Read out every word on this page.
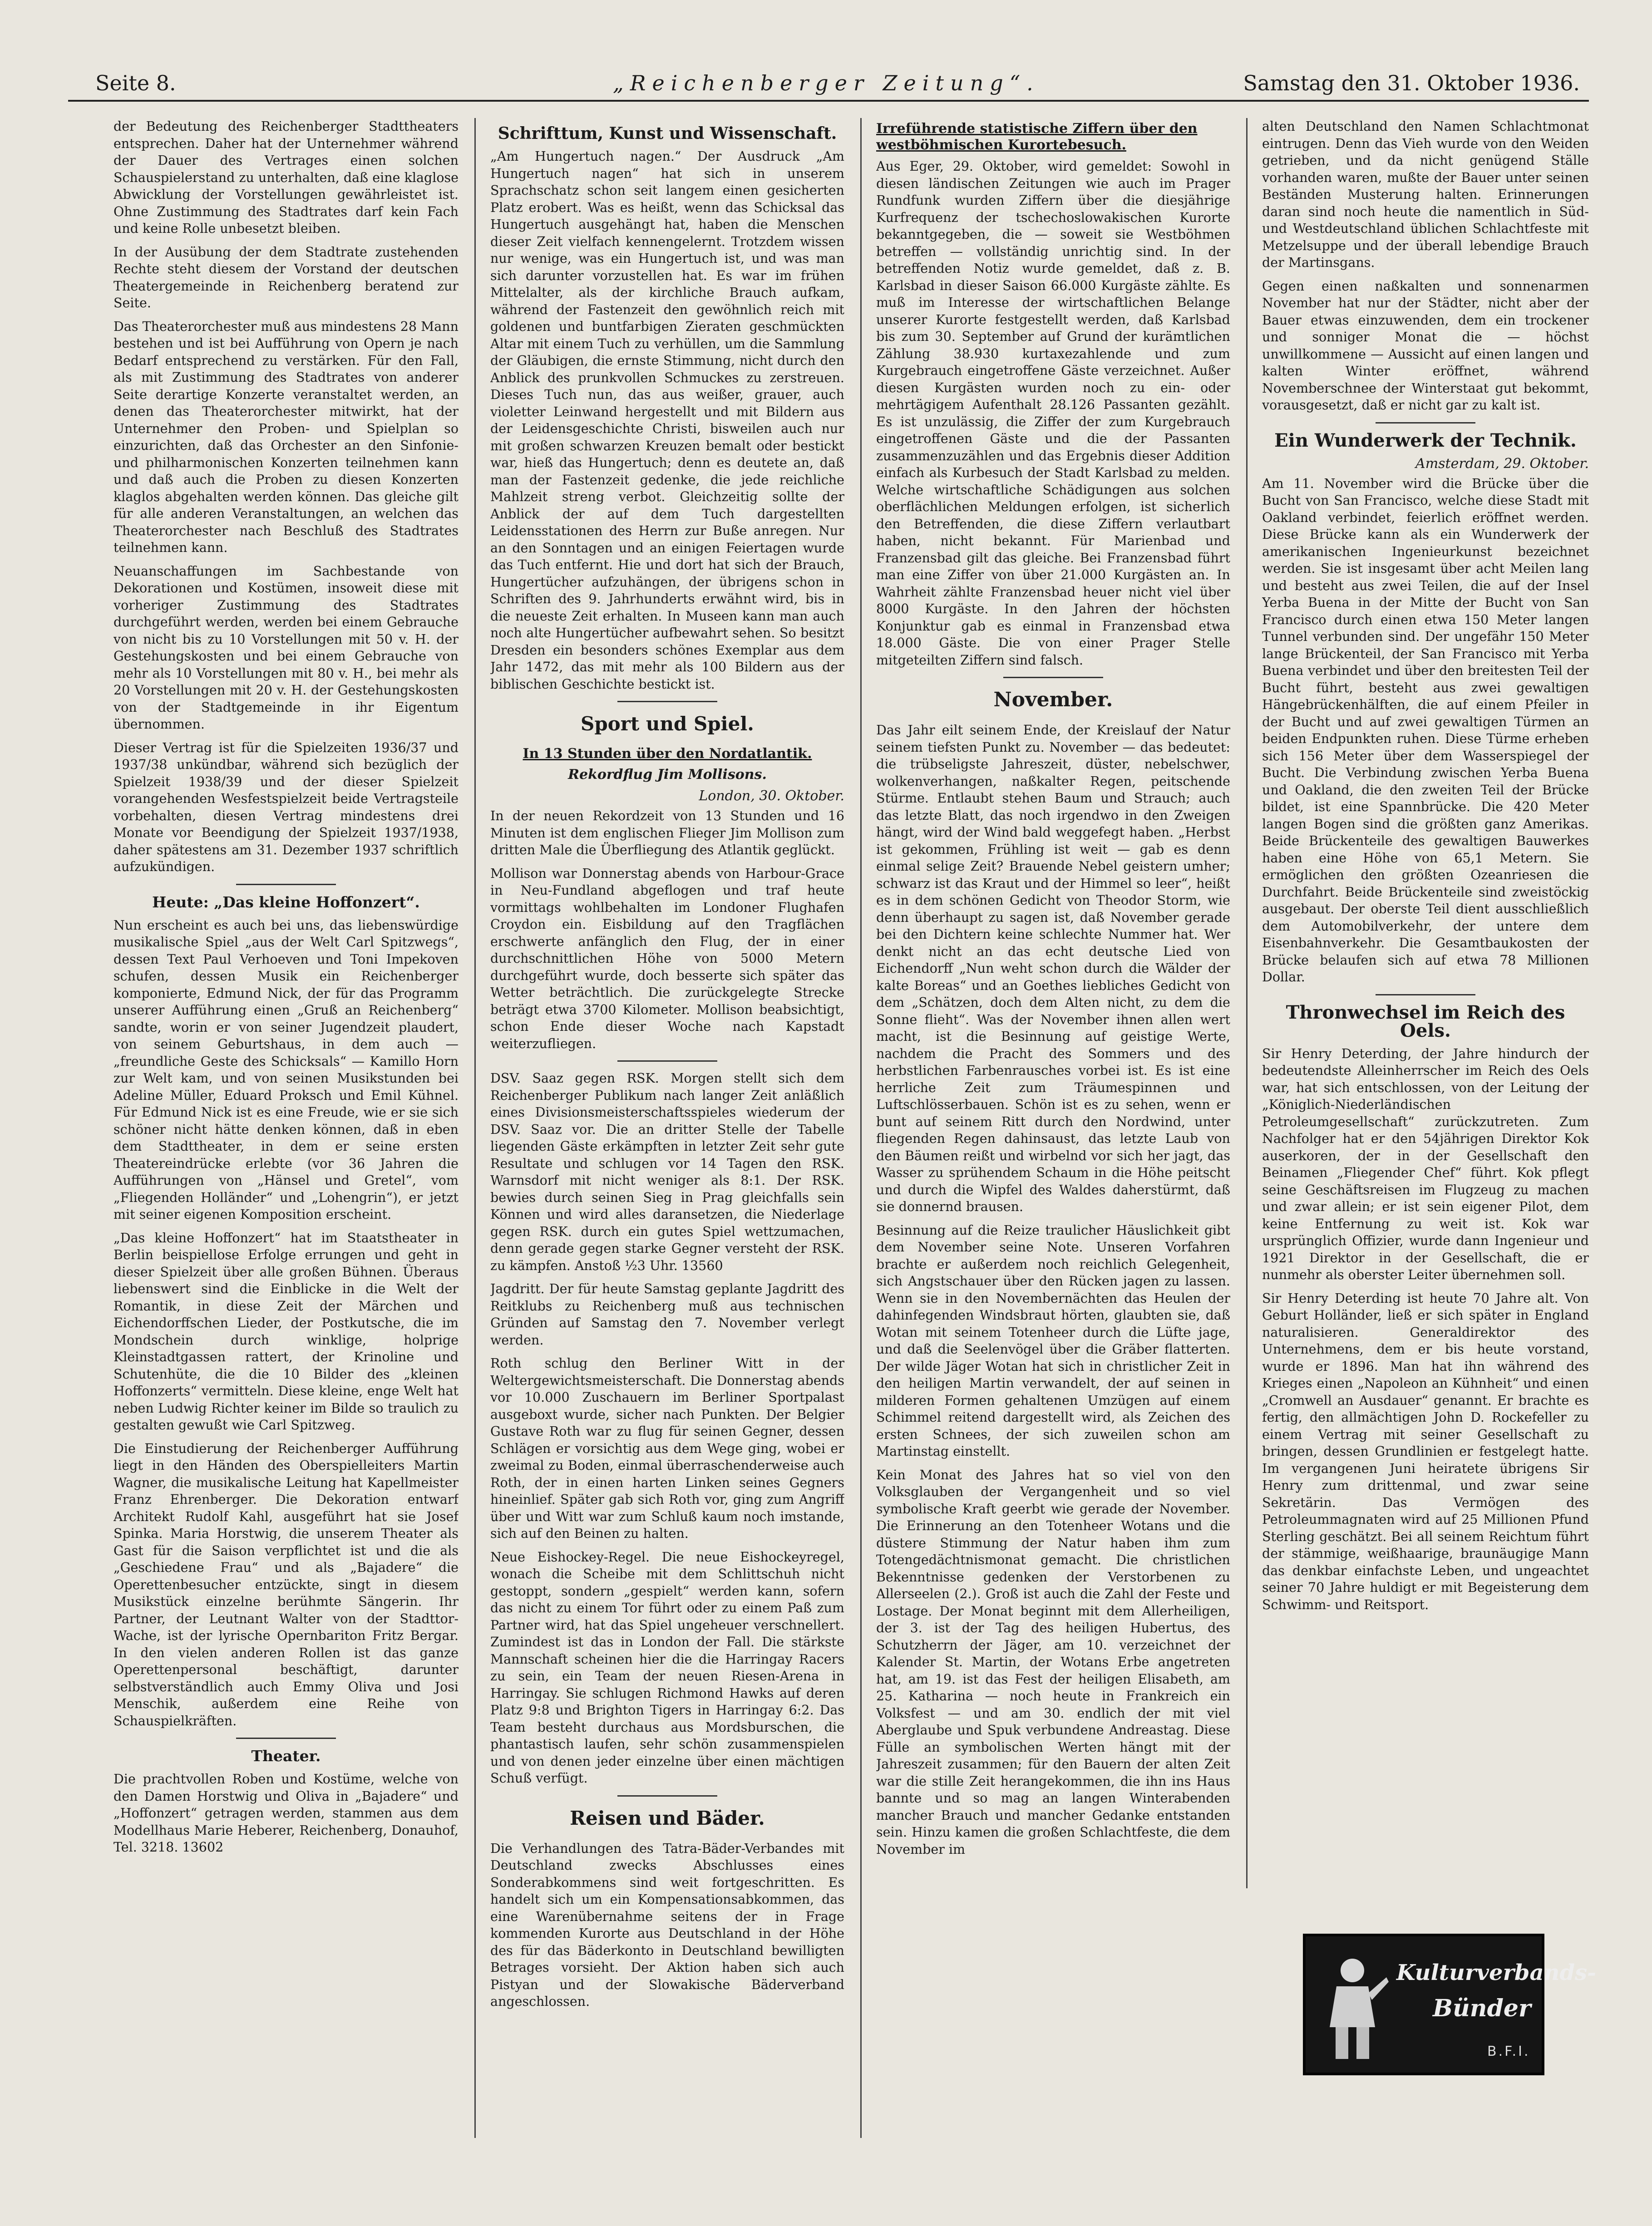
Seite 8.	„Reichenberger Zeitung“.	Samstag den 31. Oktober 1936.

der Bedeutung des Reichenberger Stadttheaters entsprechen. Daher hat der Unternehmer während der Dauer des Vertrages einen solchen Schauspielerstand zu unterhalten, daß eine klaglose Abwicklung der Vorstellungen gewährleistet ist. Ohne Zustimmung des Stadtrates darf kein Fach und keine Rolle unbesetzt bleiben.

In der Ausübung der dem Stadtrate zustehenden Rechte steht diesem der Vorstand der deutschen Theatergemeinde in Reichenberg beratend zur Seite.

Das Theaterorchester muß aus mindestens 28 Mann bestehen und ist bei Aufführung von Opern je nach Bedarf entsprechend zu verstärken. Für den Fall, als mit Zustimmung des Stadtrates von anderer Seite derartige Konzerte veranstaltet werden, an denen das Theaterorchester mitwirkt, hat der Unternehmer den Proben- und Spielplan so einzurichten, daß das Orchester an den Sinfonie- und philharmonischen Konzerten teilnehmen kann und daß auch die Proben zu diesen Konzerten klaglos abgehalten werden können. Das gleiche gilt für alle anderen Veranstaltungen, an welchen das Theaterorchester nach Beschluß des Stadtrates teilnehmen kann.

Neuanschaffungen im Sachbestande von Dekorationen und Kostümen, insoweit diese mit vorheriger Zustimmung des Stadtrates durchgeführt werden, werden bei einem Gebrauche von nicht bis zu 10 Vorstellungen mit 50 v. H. der Gestehungskosten und bei einem Gebrauche von mehr als 10 Vorstellungen mit 80 v. H., bei mehr als 20 Vorstellungen mit 20 v. H. der Gestehungskosten von der Stadtgemeinde in ihr Eigentum übernommen.

Dieser Vertrag ist für die Spielzeiten 1936/37 und 1937/38 unkündbar, während sich bezüglich der Spielzeit 1938/39 und der dieser Spielzeit vorangehenden Wesfestspielzeit beide Vertragsteile vorbehalten, diesen Vertrag mindestens drei Monate vor Beendigung der Spielzeit 1937/1938, daher spätestens am 31. Dezember 1937 schriftlich aufzukündigen.

Heute: „Das kleine Hoffonzert“.

Nun erscheint es auch bei uns, das liebenswürdige musikalische Spiel „aus der Welt Carl Spitzwegs“, dessen Text Paul Verhoeven und Toni Impekoven schufen, dessen Musik ein Reichenberger komponierte, Edmund Nick, der für das Programm unserer Aufführung einen „Gruß an Reichenberg“ sandte, worin er von seiner Jugendzeit plaudert, von seinem Geburtshaus, in dem auch — „freundliche Geste des Schicksals“ — Kamillo Horn zur Welt kam, und von seinen Musikstunden bei Adeline Müller, Eduard Proksch und Emil Kühnel. Für Edmund Nick ist es eine Freude, wie er sie sich schöner nicht hätte denken können, daß in eben dem Stadttheater, in dem er seine ersten Theatereindrücke erlebte (vor 36 Jahren die Aufführungen von „Hänsel und Gretel“, vom „Fliegenden Holländer“ und „Lohengrin“), er jetzt mit seiner eigenen Komposition erscheint.

„Das kleine Hoffonzert“ hat im Staatstheater in Berlin beispiellose Erfolge errungen und geht in dieser Spielzeit über alle großen Bühnen. Überaus liebenswert sind die Einblicke in die Welt der Romantik, in diese Zeit der Märchen und Eichendorffschen Lieder, der Postkutsche, die im Mondschein durch winklige, holprige Kleinstadtgassen rattert, der Krinoline und Schutenhüte, die die 10 Bilder des „kleinen Hoffonzerts“ vermitteln. Diese kleine, enge Welt hat neben Ludwig Richter keiner im Bilde so traulich zu gestalten gewußt wie Carl Spitzweg.

Die Einstudierung der Reichenberger Aufführung liegt in den Händen des Oberspielleiters Martin Wagner, die musikalische Leitung hat Kapellmeister Franz Ehrenberger. Die Dekoration entwarf Architekt Rudolf Kahl, ausgeführt hat sie Josef Spinka. Maria Horstwig, die unserem Theater als Gast für die Saison verpflichtet ist und die als „Geschiedene Frau“ und als „Bajadere“ die Operettenbesucher entzückte, singt in diesem Musikstück einzelne berühmte Sängerin. Ihr Partner, der Leutnant Walter von der Stadttor-Wache, ist der lyrische Opernbariton Fritz Bergar. In den vielen anderen Rollen ist das ganze Operettenpersonal beschäftigt, darunter selbstverständlich auch Emmy Oliva und Josi Menschik, außerdem eine Reihe von Schauspielkräften.

Theater.

Die prachtvollen Roben und Kostüme, welche von den Damen Horstwig und Oliva in „Bajadere“ und „Hoffonzert“ getragen werden, stammen aus dem Modellhaus Marie Heberer, Reichenberg, Donauhof, Tel. 3218. 13602

Schrifttum, Kunst und Wissenschaft.

„Am Hungertuch nagen.“ Der Ausdruck „Am Hungertuch nagen“ hat sich in unserem Sprachschatz schon seit langem einen gesicherten Platz erobert. Was es heißt, wenn das Schicksal das Hungertuch ausgehängt hat, haben die Menschen dieser Zeit vielfach kennengelernt. Trotzdem wissen nur wenige, was ein Hungertuch ist, und was man sich darunter vorzustellen hat. Es war im frühen Mittelalter, als der kirchliche Brauch aufkam, während der Fastenzeit den gewöhnlich reich mit goldenen und buntfarbigen Zieraten geschmückten Altar mit einem Tuch zu verhüllen, um die Sammlung der Gläubigen, die ernste Stimmung, nicht durch den Anblick des prunkvollen Schmuckes zu zerstreuen. Dieses Tuch nun, das aus weißer, grauer, auch violetter Leinwand hergestellt und mit Bildern aus der Leidensgeschichte Christi, bisweilen auch nur mit großen schwarzen Kreuzen bemalt oder bestickt war, hieß das Hungertuch; denn es deutete an, daß man der Fastenzeit gedenke, die jede reichliche Mahlzeit streng verbot. Gleichzeitig sollte der Anblick der auf dem Tuch dargestellten Leidensstationen des Herrn zur Buße anregen. Nur an den Sonntagen und an einigen Feiertagen wurde das Tuch entfernt. Hie und dort hat sich der Brauch, Hungertücher aufzuhängen, der übrigens schon in Schriften des 9. Jahrhunderts erwähnt wird, bis in die neueste Zeit erhalten. In Museen kann man auch noch alte Hungertücher aufbewahrt sehen. So besitzt Dresden ein besonders schönes Exemplar aus dem Jahr 1472, das mit mehr als 100 Bildern aus der biblischen Geschichte bestickt ist.

Sport und Spiel.
In 13 Stunden über den Nordatlantik.
Rekordflug Jim Mollisons.
London, 30. Oktober.

In der neuen Rekordzeit von 13 Stunden und 16 Minuten ist dem englischen Flieger Jim Mollison zum dritten Male die Überfliegung des Atlantik geglückt.

Mollison war Donnerstag abends von Harbour-Grace in Neu-Fundland abgeflogen und traf heute vormittags wohlbehalten im Londoner Flughafen Croydon ein. Eisbildung auf den Tragflächen erschwerte anfänglich den Flug, der in einer durchschnittlichen Höhe von 5000 Metern durchgeführt wurde, doch besserte sich später das Wetter beträchtlich. Die zurückgelegte Strecke beträgt etwa 3700 Kilometer. Mollison beabsichtigt, schon Ende dieser Woche nach Kapstadt weiterzufliegen.

DSV. Saaz gegen RSK. Morgen stellt sich dem Reichenberger Publikum nach langer Zeit anläßlich eines Divisionsmeisterschaftsspieles wiederum der DSV. Saaz vor. Die an dritter Stelle der Tabelle liegenden Gäste erkämpften in letzter Zeit sehr gute Resultate und schlugen vor 14 Tagen den RSK. Warnsdorf mit nicht weniger als 8:1. Der RSK. bewies durch seinen Sieg in Prag gleichfalls sein Können und wird alles daransetzen, die Niederlage gegen RSK. durch ein gutes Spiel wettzumachen, denn gerade gegen starke Gegner versteht der RSK. zu kämpfen. Anstoß ½3 Uhr. 13560

Jagdritt. Der für heute Samstag geplante Jagdritt des Reitklubs zu Reichenberg muß aus technischen Gründen auf Samstag den 7. November verlegt werden.

Roth schlug den Berliner Witt in der Weltergewichtsmeisterschaft. Die Donnerstag abends vor 10.000 Zuschauern im Berliner Sportpalast ausgeboxt wurde, sicher nach Punkten. Der Belgier Gustave Roth war zu flug für seinen Gegner, dessen Schlägen er vorsichtig aus dem Wege ging, wobei er zweimal zu Boden, einmal überraschenderweise auch Roth, der in einen harten Linken seines Gegners hineinlief. Später gab sich Roth vor, ging zum Angriff über und Witt war zum Schluß kaum noch imstande, sich auf den Beinen zu halten.

Neue Eishockey-Regel. Die neue Eishockeyregel, wonach die Scheibe mit dem Schlittschuh nicht gestoppt, sondern „gespielt“ werden kann, sofern das nicht zu einem Tor führt oder zu einem Paß zum Partner wird, hat das Spiel ungeheuer verschnellert. Zumindest ist das in London der Fall. Die stärkste Mannschaft scheinen hier die die Harringay Racers zu sein, ein Team der neuen Riesen-Arena in Harringay. Sie schlugen Richmond Hawks auf deren Platz 9:8 und Brighton Tigers in Harringay 6:2. Das Team besteht durchaus aus Mordsburschen, die phantastisch laufen, sehr schön zusammenspielen und von denen jeder einzelne über einen mächtigen Schuß verfügt.

Reisen und Bäder.

Die Verhandlungen des Tatra-Bäder-Verbandes mit Deutschland zwecks Abschlusses eines Sonderabkommens sind weit fortgeschritten. Es handelt sich um ein Kompensationsabkommen, das eine Warenübernahme seitens der in Frage kommenden Kurorte aus Deutschland in der Höhe des für das Bäderkonto in Deutschland bewilligten Betrages vorsieht. Der Aktion haben sich auch Pistyan und der Slowakische Bäderverband angeschlossen.

Irreführende statistische Ziffern über den westböhmischen Kurortebesuch.

Aus Eger, 29. Oktober, wird gemeldet: Sowohl in diesen ländischen Zeitungen wie auch im Prager Rundfunk wurden Ziffern über die diesjährige Kurfrequenz der tschechoslowakischen Kurorte bekanntgegeben, die — soweit sie Westböhmen betreffen — vollständig unrichtig sind. In der betreffenden Notiz wurde gemeldet, daß z. B. Karlsbad in dieser Saison 66.000 Kurgäste zählte. Es muß im Interesse der wirtschaftlichen Belange unserer Kurorte festgestellt werden, daß Karlsbad bis zum 30. September auf Grund der kurämtlichen Zählung 38.930 kurtaxezahlende und zum Kurgebrauch eingetroffene Gäste verzeichnet. Außer diesen Kurgästen wurden noch zu ein- oder mehrtägigem Aufenthalt 28.126 Passanten gezählt. Es ist unzulässig, die Ziffer der zum Kurgebrauch eingetroffenen Gäste und die der Passanten zusammenzuzählen und das Ergebnis dieser Addition einfach als Kurbesuch der Stadt Karlsbad zu melden. Welche wirtschaftliche Schädigungen aus solchen oberflächlichen Meldungen erfolgen, ist sicherlich den Betreffenden, die diese Ziffern verlautbart haben, nicht bekannt. Für Marienbad und Franzensbad gilt das gleiche. Bei Franzensbad führt man eine Ziffer von über 21.000 Kurgästen an. In Wahrheit zählte Franzensbad heuer nicht viel über 8000 Kurgäste. In den Jahren der höchsten Konjunktur gab es einmal in Franzensbad etwa 18.000 Gäste. Die von einer Prager Stelle mitgeteilten Ziffern sind falsch.

November.

Das Jahr eilt seinem Ende, der Kreislauf der Natur seinem tiefsten Punkt zu. November — das bedeutet: die trübseligste Jahreszeit, düster, nebelschwer, wolkenverhangen, naßkalter Regen, peitschende Stürme. Entlaubt stehen Baum und Strauch; auch das letzte Blatt, das noch irgendwo in den Zweigen hängt, wird der Wind bald weggefegt haben. „Herbst ist gekommen, Frühling ist weit — gab es denn einmal selige Zeit? Brauende Nebel geistern umher; schwarz ist das Kraut und der Himmel so leer“, heißt es in dem schönen Gedicht von Theodor Storm, wie denn überhaupt zu sagen ist, daß November gerade bei den Dichtern keine schlechte Nummer hat. Wer denkt nicht an das echt deutsche Lied von Eichendorff „Nun weht schon durch die Wälder der kalte Boreas“ und an Goethes liebliches Gedicht von dem „Schätzen, doch dem Alten nicht, zu dem die Sonne flieht“. Was der November ihnen allen wert macht, ist die Besinnung auf geistige Werte, nachdem die Pracht des Sommers und des herbstlichen Farbenrausches vorbei ist. Es ist eine herrliche Zeit zum Träumespinnen und Luftschlösserbauen. Schön ist es zu sehen, wenn er bunt auf seinem Ritt durch den Nordwind, unter fliegenden Regen dahinsaust, das letzte Laub von den Bäumen reißt und wirbelnd vor sich her jagt, das Wasser zu sprühendem Schaum in die Höhe peitscht und durch die Wipfel des Waldes daherstürmt, daß sie donnernd brausen.

Besinnung auf die Reize traulicher Häuslichkeit gibt dem November seine Note. Unseren Vorfahren brachte er außerdem noch reichlich Gelegenheit, sich Angstschauer über den Rücken jagen zu lassen. Wenn sie in den Novembernächten das Heulen der dahinfegenden Windsbraut hörten, glaubten sie, daß Wotan mit seinem Totenheer durch die Lüfte jage, und daß die Seelenvögel über die Gräber flatterten. Der wilde Jäger Wotan hat sich in christlicher Zeit in den heiligen Martin verwandelt, der auf seinen in milderen Formen gehaltenen Umzügen auf einem Schimmel reitend dargestellt wird, als Zeichen des ersten Schnees, der sich zuweilen schon am Martinstag einstellt.

Kein Monat des Jahres hat so viel von den Volksglauben der Vergangenheit und so viel symbolische Kraft geerbt wie gerade der November. Die Erinnerung an den Totenheer Wotans und die düstere Stimmung der Natur haben ihm zum Totengedächtnismonat gemacht. Die christlichen Bekenntnisse gedenken der Verstorbenen zu Allerseelen (2.). Groß ist auch die Zahl der Feste und Lostage. Der Monat beginnt mit dem Allerheiligen, der 3. ist der Tag des heiligen Hubertus, des Schutzherrn der Jäger, am 10. verzeichnet der Kalender St. Martin, der Wotans Erbe angetreten hat, am 19. ist das Fest der heiligen Elisabeth, am 25. Katharina — noch heute in Frankreich ein Volksfest — und am 30. endlich der mit viel Aberglaube und Spuk verbundene Andreastag. Diese Fülle an symbolischen Werten hängt mit der Jahreszeit zusammen; für den Bauern der alten Zeit war die stille Zeit herangekommen, die ihn ins Haus bannte und so mag an langen Winterabenden mancher Brauch und mancher Gedanke entstanden sein. Hinzu kamen die großen Schlachtfeste, die dem November im

alten Deutschland den Namen Schlachtmonat eintrugen. Denn das Vieh wurde von den Weiden getrieben, und da nicht genügend Ställe vorhanden waren, mußte der Bauer unter seinen Beständen Musterung halten. Erinnerungen daran sind noch heute die namentlich in Süd- und Westdeutschland üblichen Schlachtfeste mit Metzelsuppe und der überall lebendige Brauch der Martinsgans.

Gegen einen naßkalten und sonnenarmen November hat nur der Städter, nicht aber der Bauer etwas einzuwenden, dem ein trockener und sonniger Monat die — höchst unwillkommene — Aussicht auf einen langen und kalten Winter eröffnet, während Novemberschnee der Winterstaat gut bekommt, vorausgesetzt, daß er nicht gar zu kalt ist.

Ein Wunderwerk der Technik.
Amsterdam, 29. Oktober.

Am 11. November wird die Brücke über die Bucht von San Francisco, welche diese Stadt mit Oakland verbindet, feierlich eröffnet werden. Diese Brücke kann als ein Wunderwerk der amerikanischen Ingenieurkunst bezeichnet werden. Sie ist insgesamt über acht Meilen lang und besteht aus zwei Teilen, die auf der Insel Yerba Buena in der Mitte der Bucht von San Francisco durch einen etwa 150 Meter langen Tunnel verbunden sind. Der ungefähr 150 Meter lange Brückenteil, der San Francisco mit Yerba Buena verbindet und über den breitesten Teil der Bucht führt, besteht aus zwei gewaltigen Hängebrückenhälften, die auf einem Pfeiler in der Bucht und auf zwei gewaltigen Türmen an beiden Endpunkten ruhen. Diese Türme erheben sich 156 Meter über dem Wasserspiegel der Bucht. Die Verbindung zwischen Yerba Buena und Oakland, die den zweiten Teil der Brücke bildet, ist eine Spannbrücke. Die 420 Meter langen Bogen sind die größten ganz Amerikas. Beide Brückenteile des gewaltigen Bauwerkes haben eine Höhe von 65,1 Metern. Sie ermöglichen den größten Ozeanriesen die Durchfahrt. Beide Brückenteile sind zweistöckig ausgebaut. Der oberste Teil dient ausschließlich dem Automobilverkehr, der untere dem Eisenbahnverkehr. Die Gesamtbaukosten der Brücke belaufen sich auf etwa 78 Millionen Dollar.

Thronwechsel im Reich des Oels.

Sir Henry Deterding, der Jahre hindurch der bedeutendste Alleinherrscher im Reich des Oels war, hat sich entschlossen, von der Leitung der „Königlich-Niederländischen Petroleumgesellschaft“ zurückzutreten. Zum Nachfolger hat er den 54jährigen Direktor Kok auserkoren, der in der Gesellschaft den Beinamen „Fliegender Chef“ führt. Kok pflegt seine Geschäftsreisen im Flugzeug zu machen und zwar allein; er ist sein eigener Pilot, dem keine Entfernung zu weit ist. Kok war ursprünglich Offizier, wurde dann Ingenieur und 1921 Direktor in der Gesellschaft, die er nunmehr als oberster Leiter übernehmen soll.

Sir Henry Deterding ist heute 70 Jahre alt. Von Geburt Holländer, ließ er sich später in England naturalisieren. Generaldirektor des Unternehmens, dem er bis heute vorstand, wurde er 1896. Man hat ihn während des Krieges einen „Napoleon an Kühnheit“ und einen „Cromwell an Ausdauer“ genannt. Er brachte es fertig, den allmächtigen John D. Rockefeller zu einem Vertrag mit seiner Gesellschaft zu bringen, dessen Grundlinien er festgelegt hatte. Im vergangenen Juni heiratete übrigens Sir Henry zum drittenmal, und zwar seine Sekretärin. Das Vermögen des Petroleummagnaten wird auf 25 Millionen Pfund Sterling geschätzt. Bei all seinem Reichtum führt der stämmige, weißhaarige, braunäugige Mann das denkbar einfachste Leben, und ungeachtet seiner 70 Jahre huldigt er mit Begeisterung dem Schwimm- und Reitsport.

Kulturverbands-
Bünder
B.F.I.
